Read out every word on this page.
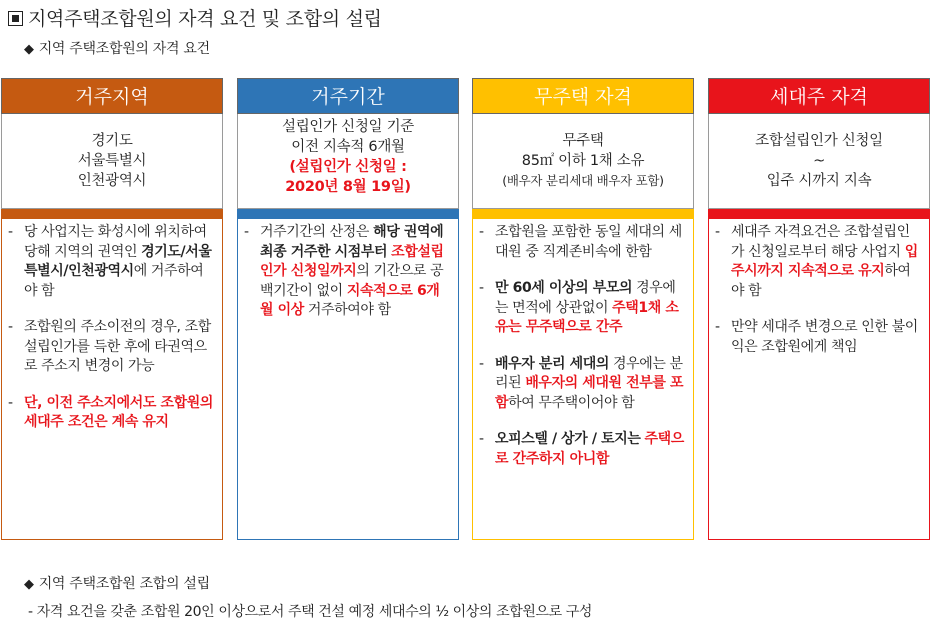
지역주택조합원의 자격 요건 및 조합의 설립
◆ 지역 주택조합원의 자격 요건
거주지역
경기도
서울특별시
인천광역시
- 당 사업지는 화성시에 위치하여 당해 지역의 권역인 경기도/서울특별시/인천광역시에 거주하여야 함
- 조합원의 주소이전의 경우, 조합설립인가를 득한 후에 타권역으로 주소지 변경이 가능
- 단, 이전 주소지에서도 조합원의 세대주 조건은 계속 유지
거주기간
설립인가 신청일 기준
이전 지속적 6개월
(설립인가 신청일 :
2020년 8월 19일)
- 거주기간의 산정은 해당 권역에 최종 거주한 시점부터 조합설립인가 신청일까지의 기간으로 공백기간이 없이 지속적으로 6개월 이상 거주하여야 함
무주택 자격
무주택
85㎡ 이하 1채 소유
(배우자 분리세대 배우자 포함)
- 조합원을 포함한 동일 세대의 세대원 중 직계존비속에 한함
- 만 60세 이상의 부모의 경우에는 면적에 상관없이 주택1채 소유는 무주택으로 간주
- 배우자 분리 세대의 경우에는 분리된 배우자의 세대원 전부를 포함하여 무주택이어야 함
- 오피스텔 / 상가 / 토지는 주택으로 간주하지 아니함
세대주 자격
조합설립인가 신청일
~
입주 시까지 지속
- 세대주 자격요건은 조합설립인가 신청일로부터 해당 사업지 입주시까지 지속적으로 유지하여야 함
- 만약 세대주 변경으로 인한 불이익은 조합원에게 책임
◆ 지역 주택조합원 조합의 설립
- 자격 요건을 갖춘 조합원 20인 이상으로서 주택 건설 예정 세대수의 ½ 이상의 조합원으로 구성
